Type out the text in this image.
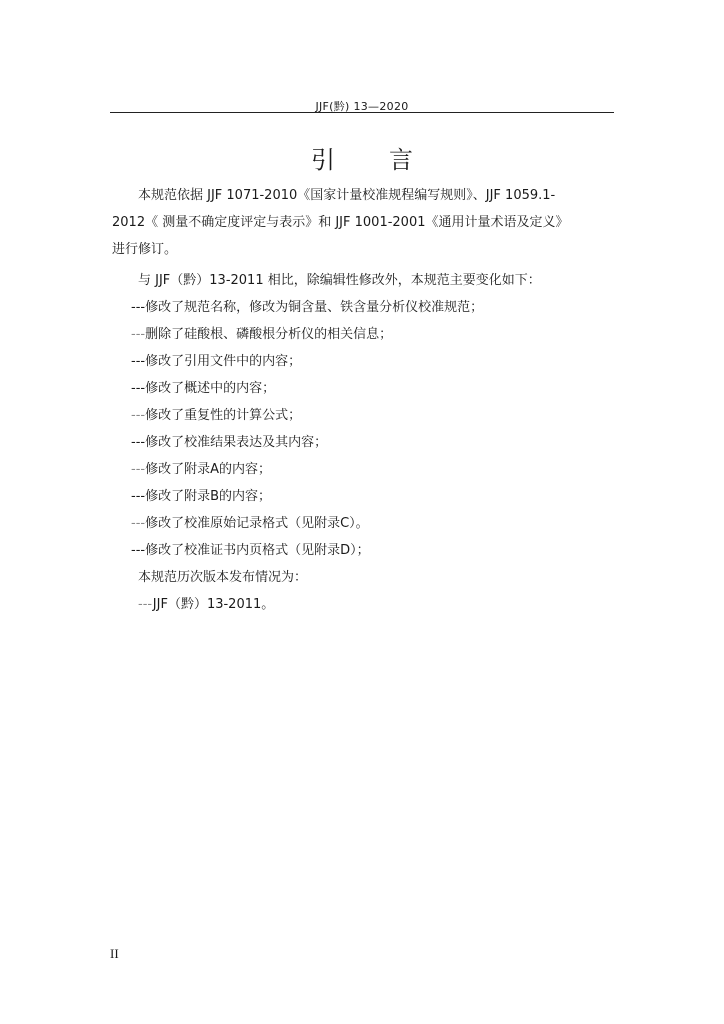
JJF(黔) 13—2020
引 言
本规范依据 JJF 1071-2010《国家计量校准规程编写规则》、JJF 1059.1-
2012《 测量不确定度评定与表示》和 JJF 1001-2001《通用计量术语及定义》
进行修订。
与 JJF（黔）13-2011 相比，除编辑性修改外，本规范主要变化如下：
---修改了规范名称，修改为铜含量、铁含量分析仪校准规范；
---删除了硅酸根、磷酸根分析仪的相关信息；
---修改了引用文件中的内容；
---修改了概述中的内容；
---修改了重复性的计算公式；
---修改了校准结果表达及其内容；
---修改了附录A的内容；
---修改了附录B的内容；
---修改了校准原始记录格式（见附录C）。
---修改了校准证书内页格式（见附录D）；
本规范历次版本发布情况为：
---JJF（黔）13-2011。
II
